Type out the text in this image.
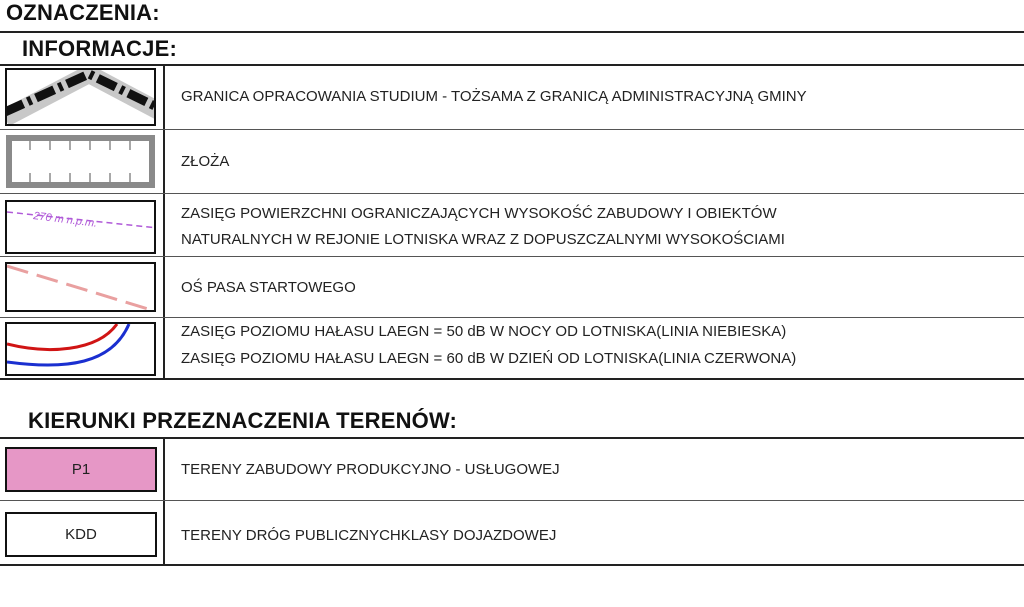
OZNACZENIA:
INFORMACJE:
GRANICA OPRACOWANIA STUDIUM - TOŻSAMA Z GRANICĄ ADMINISTRACYJNĄ GMINY
ZŁOŻA
270 m n.p.m.	ZASIĘG POWIERZCHNI OGRANICZAJĄCYCH WYSOKOŚĆ ZABUDOWY I OBIEKTÓW
NATURALNYCH W REJONIE LOTNISKA WRAZ Z DOPUSZCZALNYMI WYSOKOŚCIAMI
OŚ PASA STARTOWEGO
ZASIĘG POZIOMU HAŁASU LAEGN = 50 dB W NOCY OD LOTNISKA(LINIA NIEBIESKA)
ZASIĘG POZIOMU HAŁASU LAEGN = 60 dB W DZIEŃ OD LOTNISKA(LINIA CZERWONA)
KIERUNKI PRZEZNACZENIA TERENÓW:
P1	TERENY ZABUDOWY PRODUKCYJNO - USŁUGOWEJ
KDD	TERENY DRÓG PUBLICZNYCHKLASY DOJAZDOWEJ
